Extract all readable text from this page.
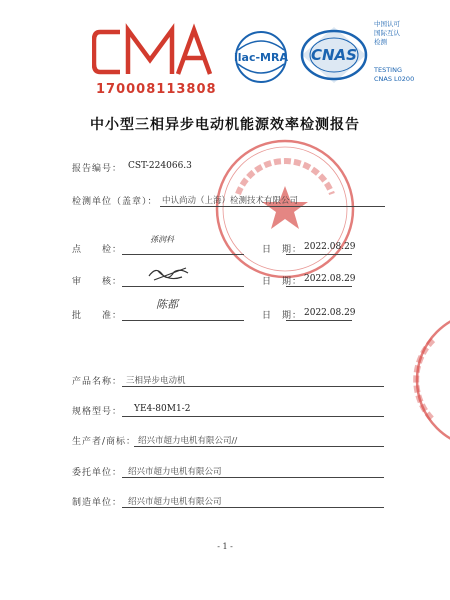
170008113808
ilac-MRA CNAS
中国认可
国际互认
检测
TESTING
CNAS L0200
中小型三相异步电动机能源效率检测报告
报告编号： CST-224066.3
检测单位（盖章）： 中认尚动（上海）检测技术有限公司
点　　检：
孫润科
日　期： 2022.08.29
审　　核：	日　期： 2022.08.29
批　　准：
陈都
日　期： 2022.08.29
产品名称： 三相异步电动机
规格型号： YE4-80M1-2
生产者/商标： 绍兴市超力电机有限公司//
委托单位： 绍兴市超力电机有限公司
制造单位： 绍兴市超力电机有限公司
- 1 -
